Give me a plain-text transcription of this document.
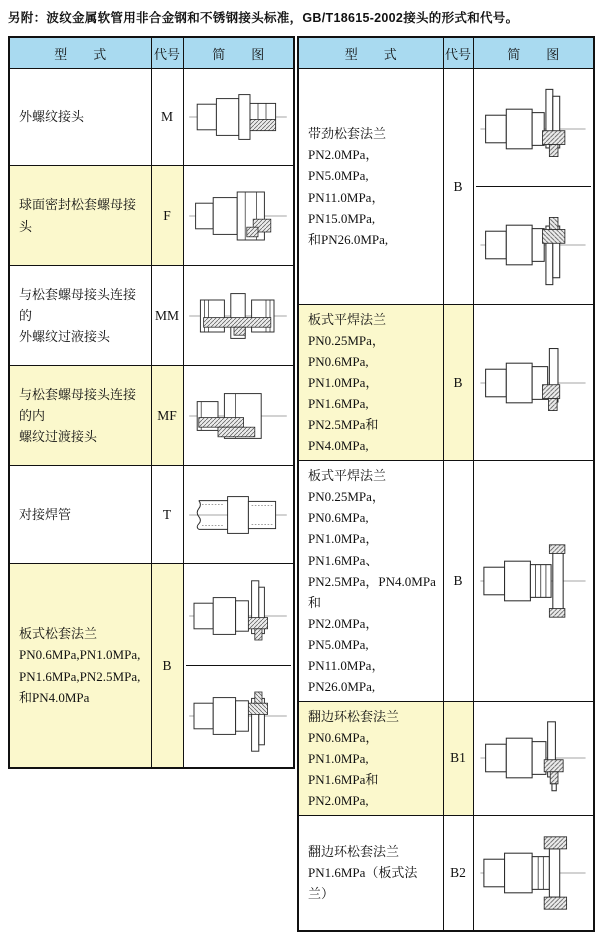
另附：波纹金属软管用非合金钢和不锈钢接头标准，GB/T18615-2002接头的形式和代号。
型　　式	代号	简　　图
外螺纹接头	M	

球面密封松套螺母接头	F	

与松套螺母接头连接的
外螺纹过液接头	MM	

与松套螺母接头连接的内
螺纹过渡接头	MF	

对接焊管	T	

板式松套法兰
PN0.6MPa,PN1.0MPa,
PN1.6MPa,PN2.5MPa,
和PN4.0MPa	B	
型　　式	代号	简　　图
带劲松套法兰
PN2.0MPa，PN5.0MPa,
PN11.0MPa，PN15.0MPa,
和PN26.0MPa,	B	

板式平焊法兰
PN0.25MPa，PN0.6MPa,
PN1.0MPa，PN1.6MPa,
PN2.5MPa和PN4.0MPa,	B	

板式平焊法兰
PN0.25MPa，PN0.6MPa,
PN1.0MPa，PN1.6MPa、
PN2.5MPa，PN4.0MPa和
PN2.0MPa，PN5.0MPa,
PN11.0MPa，PN26.0MPa,	B	

翻边环松套法兰
PN0.6MPa，PN1.0MPa,
PN1.6MPa和PN2.0MPa,	B1	

翻边环松套法兰
PN1.6MPa（板式法兰）	B2	
